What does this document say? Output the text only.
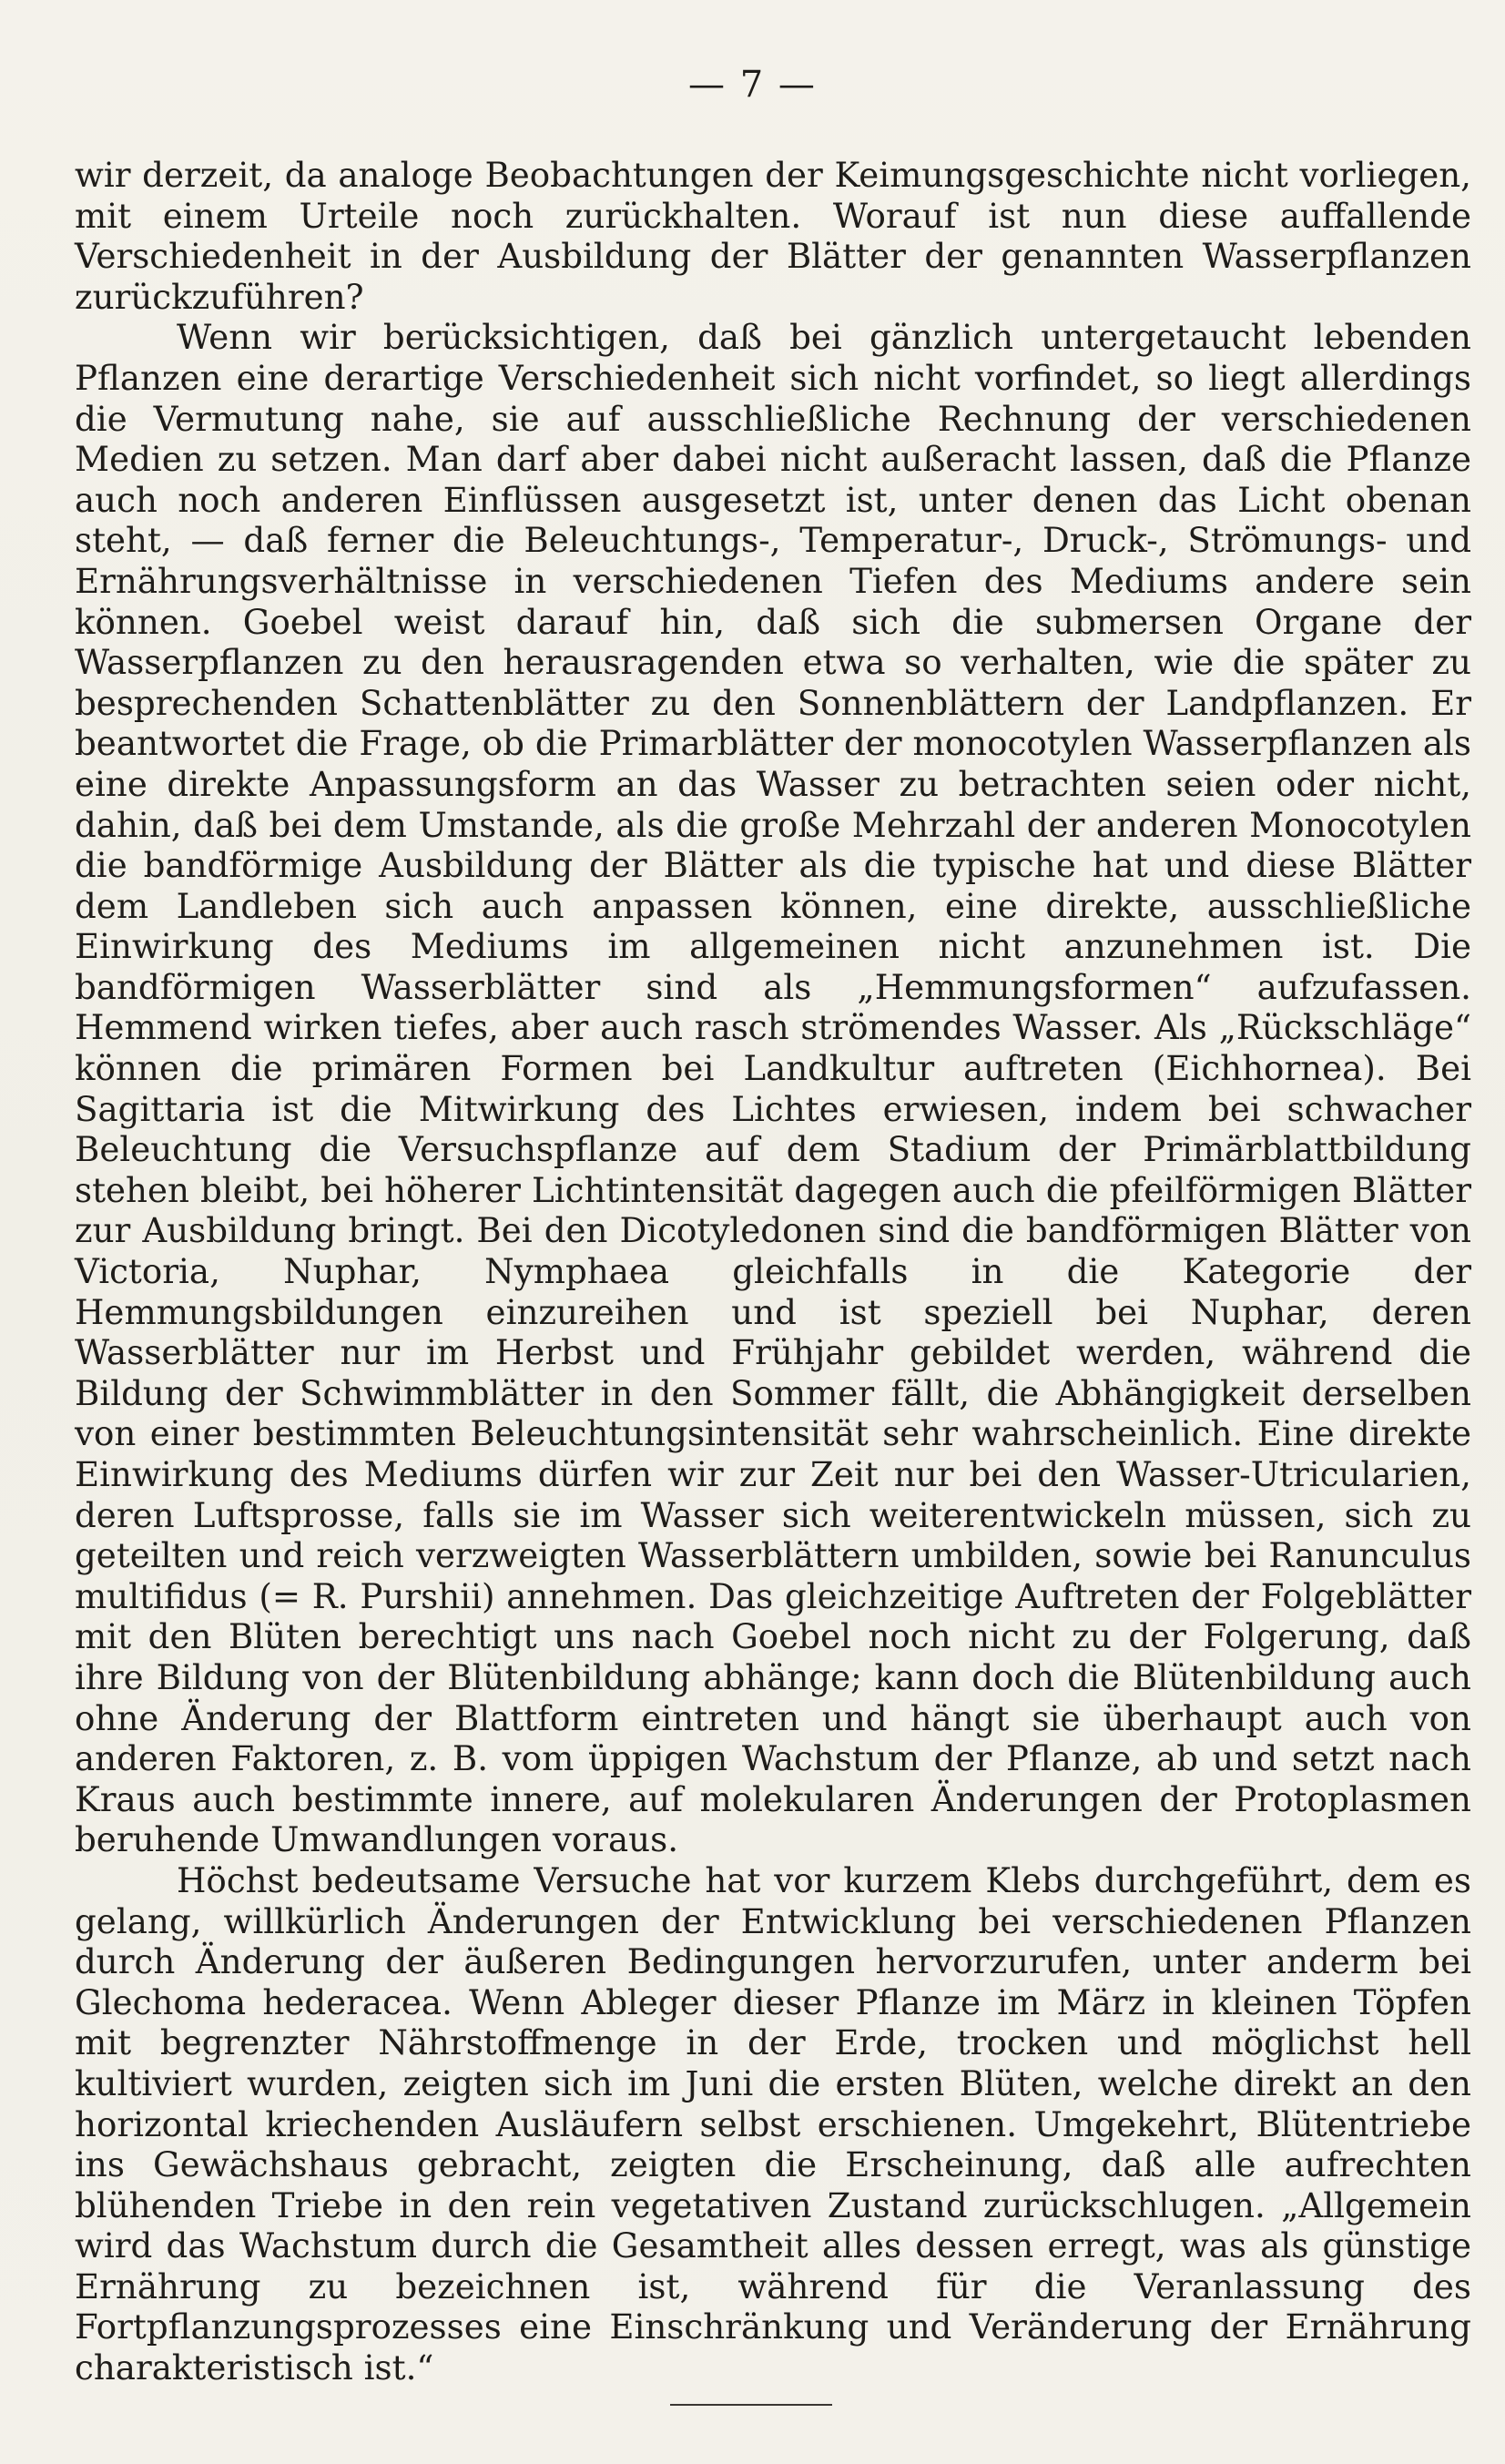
— 7 —

wir derzeit, da analoge Beobachtungen der Keimungsgeschichte nicht vorliegen, mit einem Urteile noch zurückhalten. Worauf ist nun diese auffallende Verschiedenheit in der Ausbildung der Blätter der genannten Wasserpflanzen zurückzuführen?

Wenn wir berücksichtigen, daß bei gänzlich untergetaucht lebenden Pflanzen eine derartige Verschiedenheit sich nicht vorfindet, so liegt allerdings die Vermutung nahe, sie auf ausschließliche Rechnung der verschiedenen Medien zu setzen. Man darf aber dabei nicht außeracht lassen, daß die Pflanze auch noch anderen Einflüssen ausgesetzt ist, unter denen das Licht obenan steht, — daß ferner die Beleuchtungs-, Temperatur-, Druck-, Strömungs- und Ernährungsverhältnisse in verschiedenen Tiefen des Mediums andere sein können. Goebel weist darauf hin, daß sich die submersen Organe der Wasserpflanzen zu den herausragenden etwa so verhalten, wie die später zu besprechenden Schattenblätter zu den Sonnenblättern der Landpflanzen. Er beantwortet die Frage, ob die Primarblätter der monocotylen Wasserpflanzen als eine direkte Anpassungsform an das Wasser zu betrachten seien oder nicht, dahin, daß bei dem Umstande, als die große Mehrzahl der anderen Monocotylen die bandförmige Ausbildung der Blätter als die typische hat und diese Blätter dem Landleben sich auch anpassen können, eine direkte, ausschließliche Einwirkung des Mediums im allgemeinen nicht anzunehmen ist. Die bandförmigen Wasserblätter sind als „Hemmungsformen“ aufzufassen. Hemmend wirken tiefes, aber auch rasch strömendes Wasser. Als „Rückschläge“ können die primären Formen bei Landkultur auftreten (Eichhornea). Bei Sagittaria ist die Mitwirkung des Lichtes erwiesen, indem bei schwacher Beleuchtung die Versuchspflanze auf dem Stadium der Primärblattbildung stehen bleibt, bei höherer Lichtintensität dagegen auch die pfeilförmigen Blätter zur Ausbildung bringt. Bei den Dicotyledonen sind die bandförmigen Blätter von Victoria, Nuphar, Nymphaea gleichfalls in die Kategorie der Hemmungsbildungen einzureihen und ist speziell bei Nuphar, deren Wasserblätter nur im Herbst und Frühjahr gebildet werden, während die Bildung der Schwimmblätter in den Sommer fällt, die Abhängigkeit derselben von einer bestimmten Beleuchtungsintensität sehr wahrscheinlich. Eine direkte Einwirkung des Mediums dürfen wir zur Zeit nur bei den Wasser-Utricularien, deren Luftsprosse, falls sie im Wasser sich weiterentwickeln müssen, sich zu geteilten und reich verzweigten Wasserblättern umbilden, sowie bei Ranunculus multifidus (= R. Purshii) annehmen. Das gleichzeitige Auftreten der Folgeblätter mit den Blüten berechtigt uns nach Goebel noch nicht zu der Folgerung, daß ihre Bildung von der Blütenbildung abhänge; kann doch die Blütenbildung auch ohne Änderung der Blattform eintreten und hängt sie überhaupt auch von anderen Faktoren, z. B. vom üppigen Wachstum der Pflanze, ab und setzt nach Kraus auch bestimmte innere, auf molekularen Änderungen der Protoplasmen beruhende Umwandlungen voraus.

Höchst bedeutsame Versuche hat vor kurzem Klebs durchgeführt, dem es gelang, willkürlich Änderungen der Entwicklung bei verschiedenen Pflanzen durch Änderung der äußeren Bedingungen hervorzurufen, unter anderm bei Glechoma hederacea. Wenn Ableger dieser Pflanze im März in kleinen Töpfen mit begrenzter Nährstoffmenge in der Erde, trocken und möglichst hell kultiviert wurden, zeigten sich im Juni die ersten Blüten, welche direkt an den horizontal kriechenden Ausläufern selbst erschienen. Umgekehrt, Blütentriebe ins Gewächshaus gebracht, zeigten die Erscheinung, daß alle aufrechten blühenden Triebe in den rein vegetativen Zustand zurückschlugen. „Allgemein wird das Wachstum durch die Gesamtheit alles dessen erregt, was als günstige Ernährung zu bezeichnen ist, während für die Veranlassung des Fortpflanzungsprozesses eine Einschränkung und Veränderung der Ernährung charakteristisch ist.“
